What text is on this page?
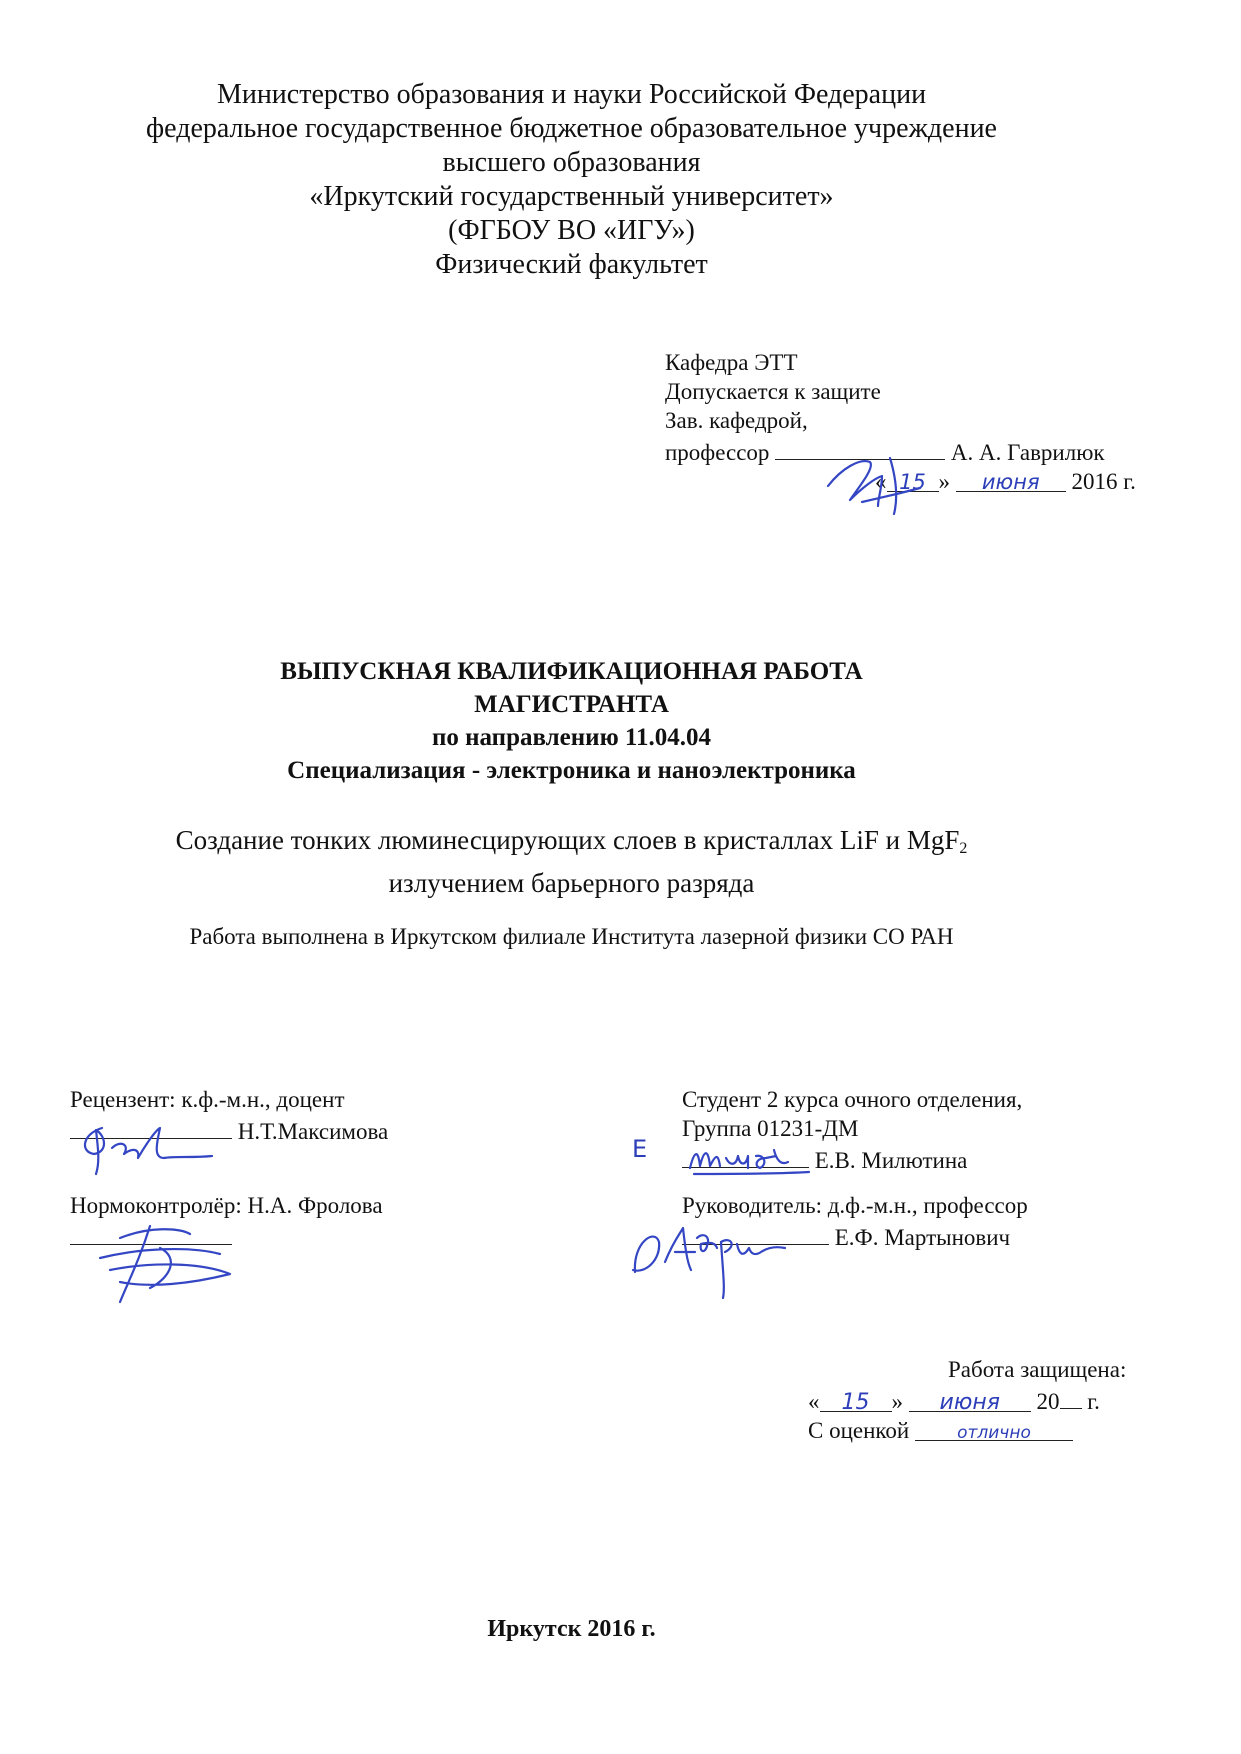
Министерство образования и науки Российской Федерации
федеральное государственное бюджетное образовательное учреждение
высшего образования
«Иркутский государственный университет»
(ФГБОУ ВО «ИГУ»)
Физический факультет
Кафедра ЭТТ
Допускается к защите
Зав. кафедрой,
профессор	А. А. Гаврилюк
« 15 » июня 2016 г.
ВЫПУСКНАЯ КВАЛИФИКАЦИОННАЯ РАБОТА
МАГИСТРАНТА
по направлению 11.04.04
Специализация - электроника и наноэлектроника
Создание тонких люминесцирующих слоев в кристаллах LiF и MgF$_2$
излучением барьерного разряда
Работа выполнена в Иркутском филиале Института лазерной физики СО РАН
Рецензент: к.ф.-м.н., доцент
Н.Т.Максимова
Нормоконтролёр: Н.А. Фролова
Студент 2 курса очного отделения,
Группа 01231-ДМ
Е.В. Милютина
Руководитель: д.ф.-м.н., профессор
Е.Ф. Мартынович
Е
Работа защищена:
« 15 » июня 20 г.
С оценкой	отлично
Иркутск 2016 г.
